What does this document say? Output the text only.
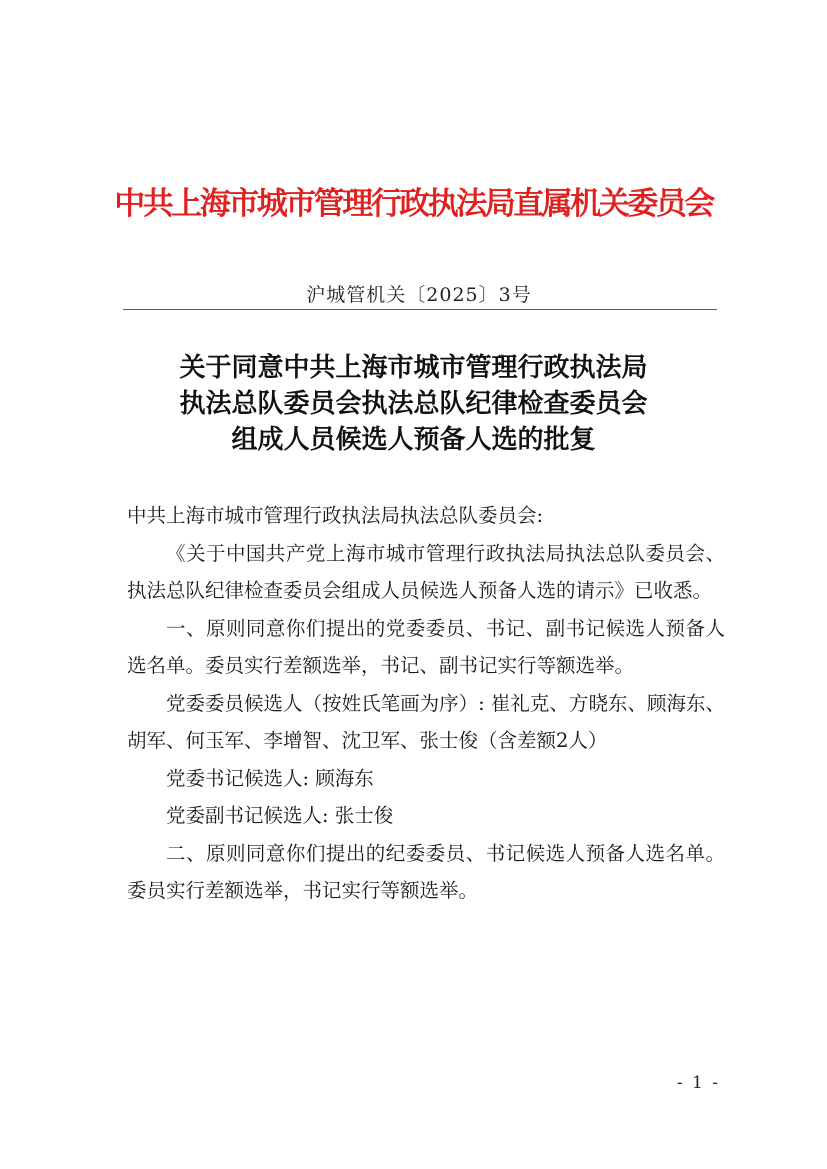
中共上海市城市管理行政执法局直属机关委员会
沪城管机关〔2025〕3号
关于同意中共上海市城市管理行政执法局
执法总队委员会执法总队纪律检查委员会
组成人员候选人预备人选的批复

中共上海市城市管理行政执法局执法总队委员会:

《关于中国共产党上海市城市管理行政执法局执法总队委员会、执法总队纪律检查委员会组成人员候选人预备人选的请示》已收悉。

一、原则同意你们提出的党委委员、书记、副书记候选人预备人选名单。委员实行差额选举，书记、副书记实行等额选举。

党委委员候选人（按姓氏笔画为序）: 崔礼克、方晓东、顾海东、胡军、何玉军、李增智、沈卫军、张士俊（含差额2人）

党委书记候选人: 顾海东

党委副书记候选人: 张士俊

二、原则同意你们提出的纪委委员、书记候选人预备人选名单。委员实行差额选举，书记实行等额选举。

- 1 -
